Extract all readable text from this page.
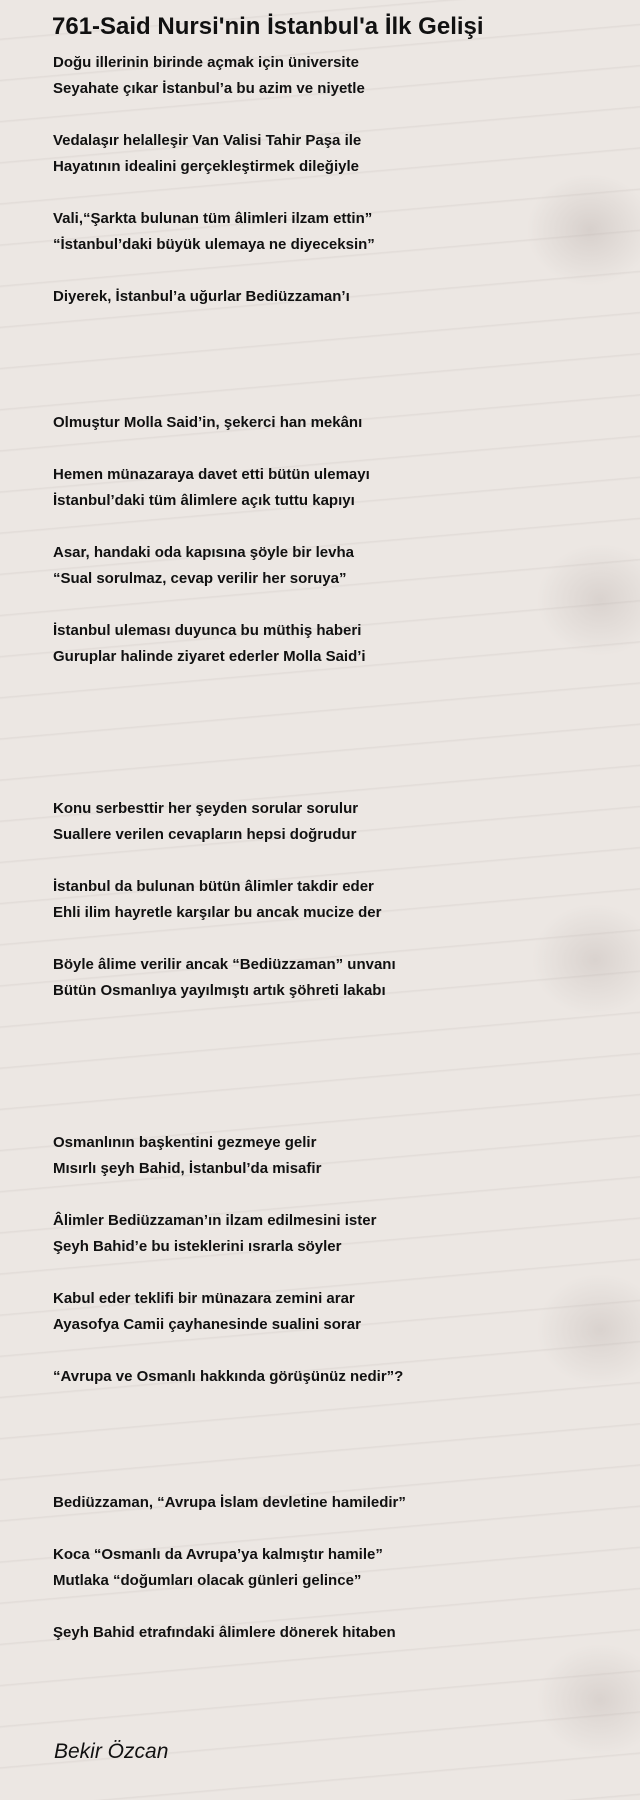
761-Said Nursi'nin İstanbul'a İlk Gelişi

Doğu illerinin birinde açmak için üniversite

Seyahate çıkar İstanbul’a bu azim ve niyetle

Vedalaşır helalleşir Van Valisi Tahir Paşa ile

Hayatının idealini gerçekleştirmek dileğiyle

Vali,“Şarkta bulunan tüm âlimleri ilzam ettin”

“İstanbul’daki büyük ulemaya ne diyeceksin”

Diyerek, İstanbul’a uğurlar Bediüzzaman’ı

Olmuştur Molla Said’in, şekerci han mekânı

Hemen münazaraya davet etti bütün ulemayı

İstanbul’daki tüm âlimlere açık tuttu kapıyı

Asar, handaki oda kapısına şöyle bir levha

“Sual sorulmaz, cevap verilir her soruya”

İstanbul uleması duyunca bu müthiş haberi

Guruplar halinde ziyaret ederler Molla Said’i

Konu serbesttir her şeyden sorular sorulur

Suallere verilen cevapların hepsi doğrudur

İstanbul da bulunan bütün âlimler takdir eder

Ehli ilim hayretle karşılar bu ancak mucize der

Böyle âlime verilir ancak “Bediüzzaman” unvanı

Bütün Osmanlıya yayılmıştı artık şöhreti lakabı

Osmanlının başkentini gezmeye gelir

Mısırlı şeyh Bahid, İstanbul’da misafir

Âlimler Bediüzzaman’ın ilzam edilmesini ister

Şeyh Bahid’e bu isteklerini ısrarla söyler

Kabul eder teklifi bir münazara zemini arar

Ayasofya Camii çayhanesinde sualini sorar

“Avrupa ve Osmanlı hakkında görüşünüz nedir”?

Bediüzzaman, “Avrupa İslam devletine hamiledir”

Koca “Osmanlı da Avrupa’ya kalmıştır hamile”

Mutlaka “doğumları olacak günleri gelince”

Şeyh Bahid etrafındaki âlimlere dönerek hitaben

Bekir Özcan
